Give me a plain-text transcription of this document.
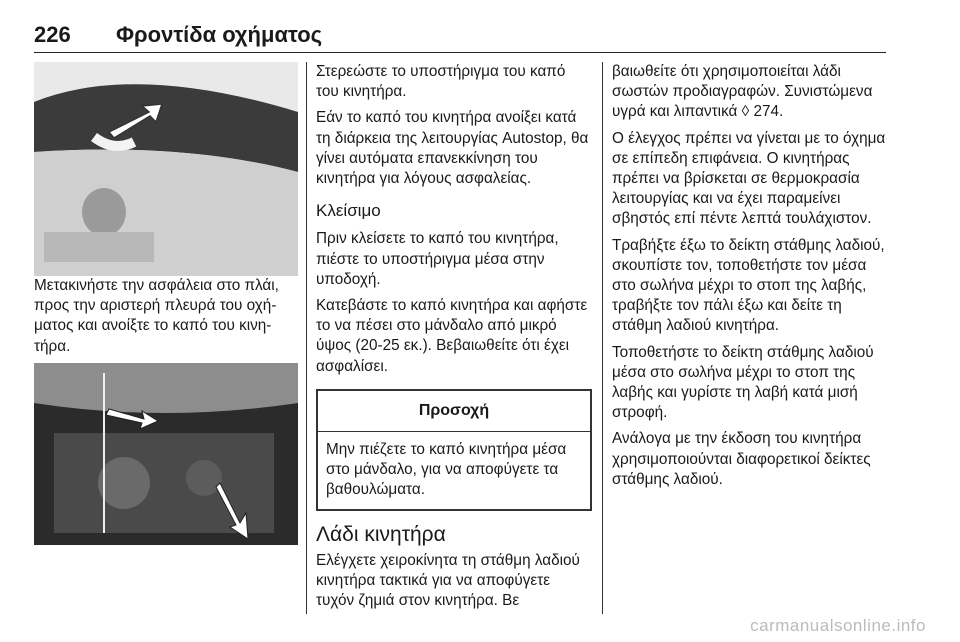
226 Φροντίδα οχήματος

Μετακινήστε την ασφάλεια στο πλάι, προς την αριστερή πλευρά του οχήματος και ανοίξτε το καπό του κινητήρα.

Στερεώστε το υποστήριγμα του καπό του κινητήρα.

Εάν το καπό του κινητήρα ανοίξει κατά τη διάρκεια της λειτουργίας Autostop, θα γίνει αυτόματα επανεκκίνηση του κινητήρα για λόγους ασφαλείας.

Κλείσιμο

Πριν κλείσετε το καπό του κινητήρα, πιέστε το υποστήριγμα μέσα στην υποδοχή.

Κατεβάστε το καπό κινητήρα και αφήστε το να πέσει στο μάνδαλο από μικρό ύψος (20-25 εκ.). Βεβαιωθείτε ότι έχει ασφαλίσει.

Προσοχή
Μην πιέζετε το καπό κινητήρα μέσα στο μάνδαλο, για να αποφύγετε τα βαθουλώματα.
Λάδι κινητήρα

Ελέγχετε χειροκίνητα τη στάθμη λαδιού κινητήρα τακτικά για να αποφύγετε τυχόν ζημιά στον κινητήρα. Βε

βαιωθείτε ότι χρησιμοποιείται λάδι σωστών προδιαγραφών. Συνιστώμενα υγρά και λιπαντικά ◊ 274.

Ο έλεγχος πρέπει να γίνεται με το όχημα σε επίπεδη επιφάνεια. Ο κινητήρας πρέπει να βρίσκεται σε θερμοκρασία λειτουργίας και να έχει παραμείνει σβηστός επί πέντε λεπτά τουλάχιστον.

Τραβήξτε έξω το δείκτη στάθμης λαδιού, σκουπίστε τον, τοποθετήστε τον μέσα στο σωλήνα μέχρι το στοπ της λαβής, τραβήξτε τον πάλι έξω και δείτε τη στάθμη λαδιού κινητήρα.

Τοποθετήστε το δείκτη στάθμης λαδιού μέσα στο σωλήνα μέχρι το στοπ της λαβής και γυρίστε τη λαβή κατά μισή στροφή.

Ανάλογα με την έκδοση του κινητήρα χρησιμοποιούνται διαφορετικοί δείκτες στάθμης λαδιού.

carmanualsonline.info
